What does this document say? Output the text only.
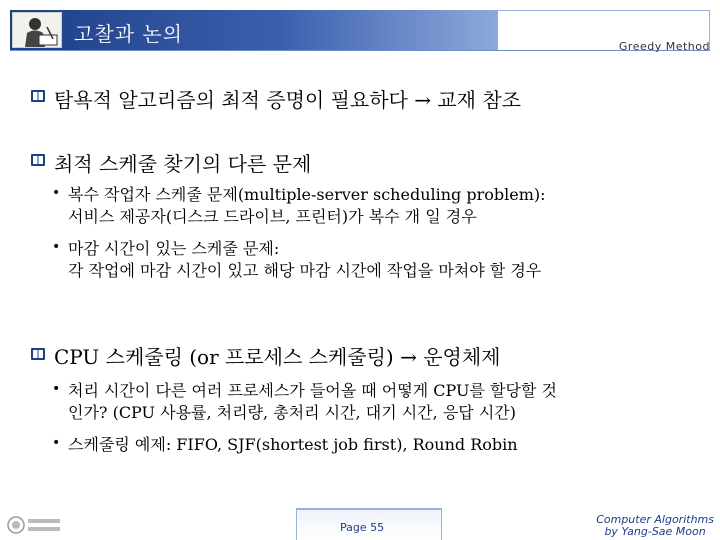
고찰과 논의
Greedy Method
탐욕적 알고리즘의 최적 증명이 필요하다 → 교재 참조
최적 스케줄 찾기의 다른 문제
• 복수 작업자 스케줄 문제(multiple-server scheduling problem):
서비스 제공자(디스크 드라이브, 프린터)가 복수 개 일 경우
• 마감 시간이 있는 스케줄 문제:
각 작업에 마감 시간이 있고 해당 마감 시간에 작업을 마쳐야 할 경우
CPU 스케줄링 (or 프로세스 스케줄링) → 운영체제
• 처리 시간이 다른 여러 프로세스가 들어올 때 어떻게 CPU를 할당할 것
인가? (CPU 사용률, 처리량, 총처리 시간, 대기 시간, 응답 시간)
• 스케줄링 예제: FIFO, SJF(shortest job first), Round Robin
Page 55
Computer Algorithms
by Yang-Sae Moon
